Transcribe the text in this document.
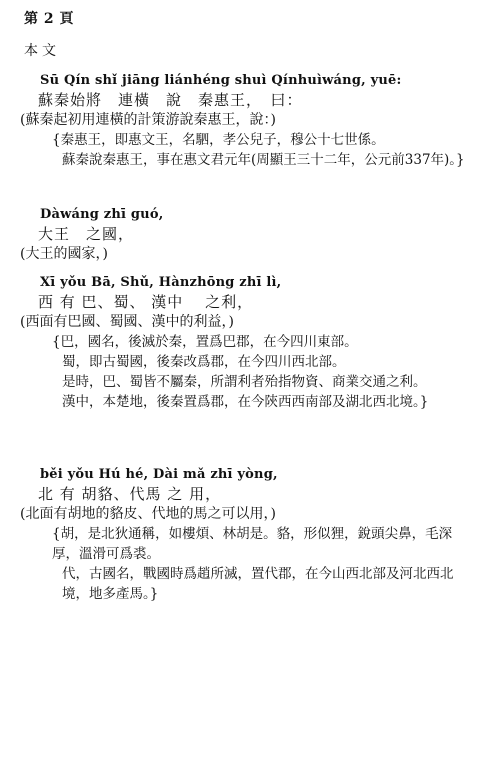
第 2 頁
本文
Sū Qín shǐ jiāng liánhéng shuì Qínhuìwáng, yuē:
蘇秦始將　連橫　說　秦惠王，　曰：
(蘇秦起初用連橫的計策游說秦惠王，說：)

{秦惠王，即惠文王，名駟，孝公兒子，穆公十七世係。

蘇秦說秦惠王，事在惠文君元年(周顯王三十二年，公元前337年)。}

Dàwáng zhī guó,
大王　之國，
(大王的國家，)
Xī yǒu Bā, Shǔ, Hànzhōng zhī lì,
西 有 巴、蜀、 漢中 　之利，
(西面有巴國、蜀國、漢中的利益，)

{巴，國名，後滅於秦，置爲巴郡，在今四川東部。

蜀，即古蜀國，後秦改爲郡，在今四川西北部。

是時，巴、蜀皆不屬秦，所謂利者殆指物資、商業交通之利。

漢中，本楚地，後秦置爲郡，在今陝西西南部及湖北西北境。}

běi yǒu Hú hé, Dài mǎ zhī yòng,
北 有 胡貉、代馬 之 用，
(北面有胡地的貉皮、代地的馬之可以用，)

{胡，是北狄通稱，如樓煩、林胡是。貉，形似狸，銳頭尖鼻，毛深厚，溫滑可爲裘。

代，古國名，戰國時爲趙所滅，置代郡，在今山西北部及河北西北境，地多產馬。}
